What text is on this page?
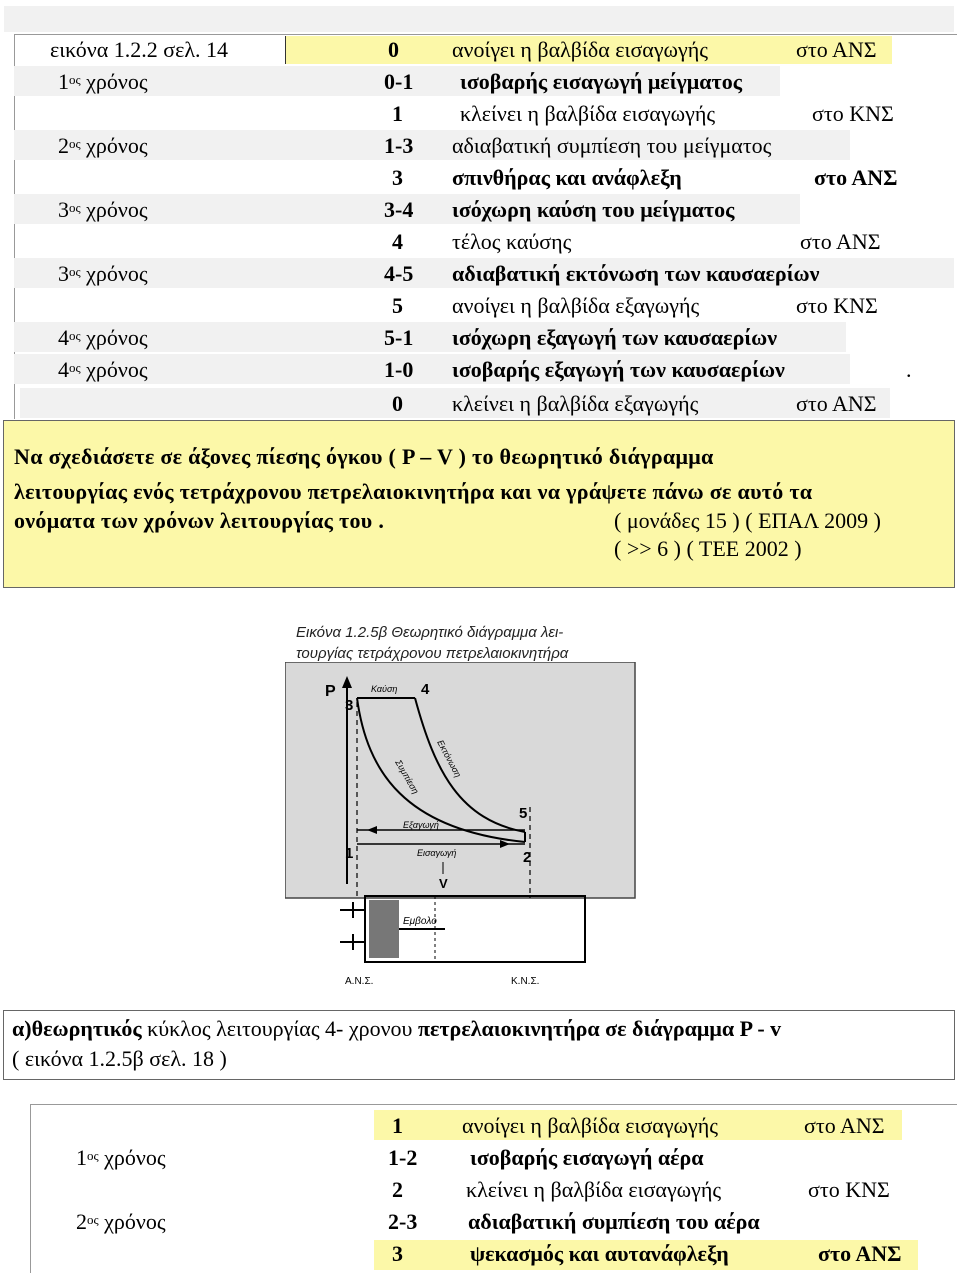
εικόνα 1.2.2 σελ. 14	0 ανοίγει η βαλβίδα εισαγωγής	στο ΑΝΣ
$1^{o\varsigma}$ χρόνος	0-1 ισοβαρής εισαγωγή μείγματος
1	κλείνει η βαλβίδα εισαγωγής	στο ΚΝΣ
$2^{o\varsigma}$ χρόνος	1-3 αδιαβατική συμπίεση του μείγματος
3 σπινθήρας και ανάφλεξη	στο ΑΝΣ
$3^{o\varsigma}$ χρόνος	3-4 ισόχωρη καύση του μείγματος
4 τέλος καύσης	στο ΑΝΣ
$3^{o\varsigma}$ χρόνος	4-5 αδιαβατική εκτόνωση των καυσαερίων
5 ανοίγει η βαλβίδα εξαγωγής	στο ΚΝΣ
$4^{o\varsigma}$ χρόνος	5-1 ισόχωρη εξαγωγή των καυσαερίων
$4^{o\varsigma}$ χρόνος	1-0 ισοβαρής εξαγωγή των καυσαερίων	.
0 κλείνει η βαλβίδα εξαγωγής	στο ΑΝΣ
Να σχεδιάσετε σε άξονες πίεσης όγκου ( P – V ) το θεωρητικό διάγραμμα
λειτουργίας ενός τετράχρονου πετρελαιοκινητήρα και να γράψετε πάνω σε αυτό τα
ονόματα των χρόνων λειτουργίας του .	( μονάδες 15 ) ( ΕΠΑΛ 2009 )
( >> 6 ) ( ΤΕΕ 2002 )
Εικόνα 1.2.5β Θεωρητικό διάγραμμα λει-
τουργίας τετράχρονου πετρελαιοκινητήρα
P
3
4
5
2
1
Καύση
Εκτόνωση
Συμπίεση
Εξαγωγή
Εισαγωγή
V
Εμβολο
Α.Ν.Σ.	Κ.Ν.Σ.
α)θεωρητικός κύκλος λειτουργίας 4- χρονου πετρελαιοκινητήρα σε διάγραμμα P - v
( εικόνα 1.2.5β σελ. 18 )
1	ανοίγει η βαλβίδα εισαγωγής	στο ΑΝΣ
$1^{o\varsigma}$ χρόνος	1-2 ισοβαρής εισαγωγή αέρα
2	κλείνει η βαλβίδα εισαγωγής	στο ΚΝΣ
$2^{o\varsigma}$ χρόνος	2-3 αδιαβατική συμπίεση του αέρα
3	ψεκασμός και αυτανάφλεξη	στο ΑΝΣ
